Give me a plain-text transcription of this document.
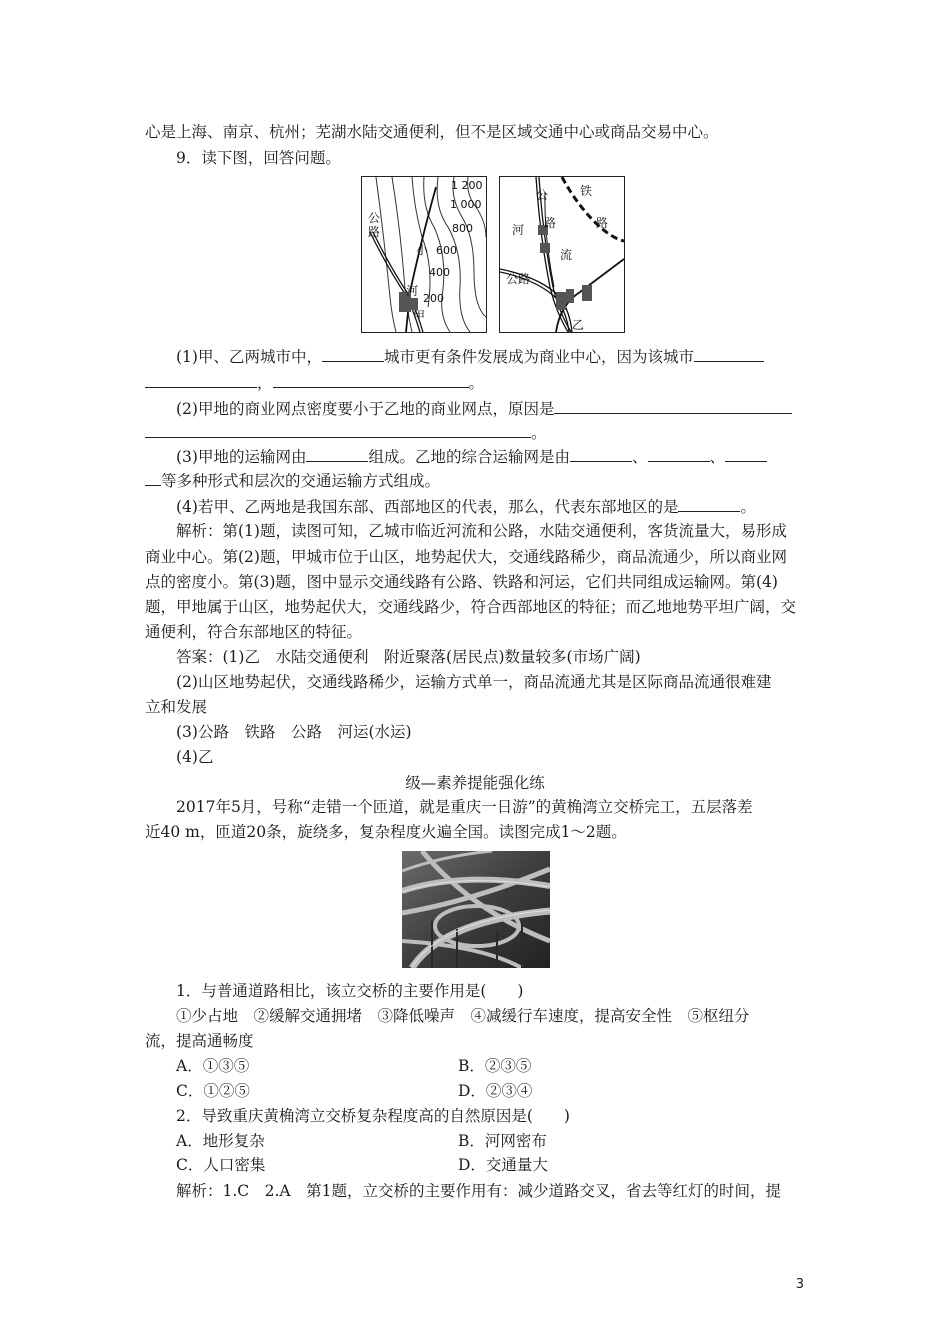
心是上海、南京、杭州；芜湖水陆交通便利，但不是区域交通中心或商品交易中心。
9．读下图，回答问题。
1 200
1 000
800
600
400
200
公
路
小
河
甲
铁
路
公
路
河
流
公路
乙
(1)甲、乙两城市中，	城市更有条件发展成为商业中心，因为该城市
，	。
(2)甲地的商业网点密度要小于乙地的商业网点，原因是
。
(3)甲地的运输网由	组成。乙地的综合运输网是由	、	、
等多种形式和层次的交通运输方式组成。
(4)若甲、乙两地是我国东部、西部地区的代表，那么，代表东部地区的是	。
解析：第(1)题，读图可知，乙城市临近河流和公路，水陆交通便利，客货流量大，易形成
商业中心。第(2)题，甲城市位于山区，地势起伏大，交通线路稀少，商品流通少，所以商业网
点的密度小。第(3)题，图中显示交通线路有公路、铁路和河运，它们共同组成运输网。第(4)
题，甲地属于山区，地势起伏大，交通线路少，符合西部地区的特征；而乙地地势平坦广阔，交
通便利，符合东部地区的特征。
答案：(1)乙　水陆交通便利　附近聚落(居民点)数量较多(市场广阔)
(2)山区地势起伏，交通线路稀少，运输方式单一，商品流通尤其是区际商品流通很难建
立和发展
(3)公路　铁路　公路　河运(水运)
(4)乙
级—素养提能强化练
2017年5月，号称“走错一个匝道，就是重庆一日游”的黄桷湾立交桥完工，五层落差
近40 m，匝道20条，旋绕多，复杂程度火遍全国。读图完成1～2题。
1．与普通道路相比，该立交桥的主要作用是(　　)
①少占地　②缓解交通拥堵　③降低噪声　④减缓行车速度，提高安全性　⑤枢纽分
流，提高通畅度
A．①③⑤	B．②③⑤
C．①②⑤	D．②③④
2．导致重庆黄桷湾立交桥复杂程度高的自然原因是(　　)
A．地形复杂	B．河网密布
C．人口密集	D．交通量大
解析：1.C　2.A　第1题，立交桥的主要作用有：减少道路交叉，省去等红灯的时间，提
3
